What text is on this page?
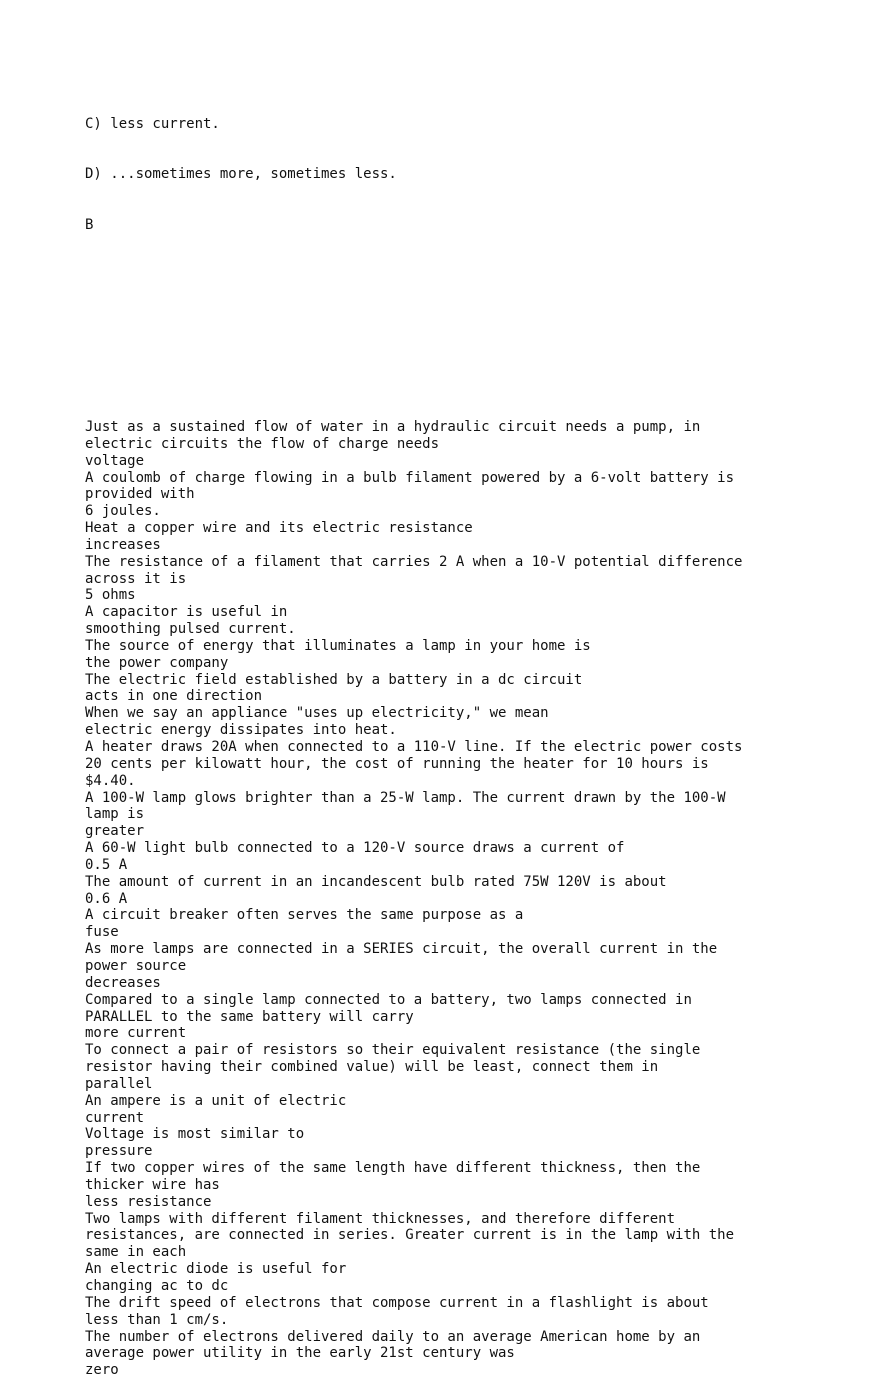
C) less current.

D) ...sometimes more, sometimes less.

B

Just as a sustained flow of water in a hydraulic circuit needs a pump, in
electric circuits the flow of charge needs
voltage
A coulomb of charge flowing in a bulb filament powered by a 6-volt battery is
provided with
6 joules.
Heat a copper wire and its electric resistance
increases
The resistance of a filament that carries 2 A when a 10-V potential difference
across it is
5 ohms
A capacitor is useful in
smoothing pulsed current.
The source of energy that illuminates a lamp in your home is
the power company
The electric field established by a battery in a dc circuit
acts in one direction
When we say an appliance "uses up electricity," we mean
electric energy dissipates into heat.
A heater draws 20A when connected to a 110-V line. If the electric power costs
20 cents per kilowatt hour, the cost of running the heater for 10 hours is
$4.40.
A 100-W lamp glows brighter than a 25-W lamp. The current drawn by the 100-W
lamp is
greater
A 60-W light bulb connected to a 120-V source draws a current of
0.5 A
The amount of current in an incandescent bulb rated 75W 120V is about
0.6 A
A circuit breaker often serves the same purpose as a
fuse
As more lamps are connected in a SERIES circuit, the overall current in the
power source
decreases
Compared to a single lamp connected to a battery, two lamps connected in
PARALLEL to the same battery will carry
more current
To connect a pair of resistors so their equivalent resistance (the single
resistor having their combined value) will be least, connect them in
parallel
An ampere is a unit of electric
current
Voltage is most similar to
pressure
If two copper wires of the same length have different thickness, then the
thicker wire has
less resistance
Two lamps with different filament thicknesses, and therefore different
resistances, are connected in series. Greater current is in the lamp with the
same in each
An electric diode is useful for
changing ac to dc
The drift speed of electrons that compose current in a flashlight is about
less than 1 cm/s.
The number of electrons delivered daily to an average American home by an
average power utility in the early 21st century was
zero
